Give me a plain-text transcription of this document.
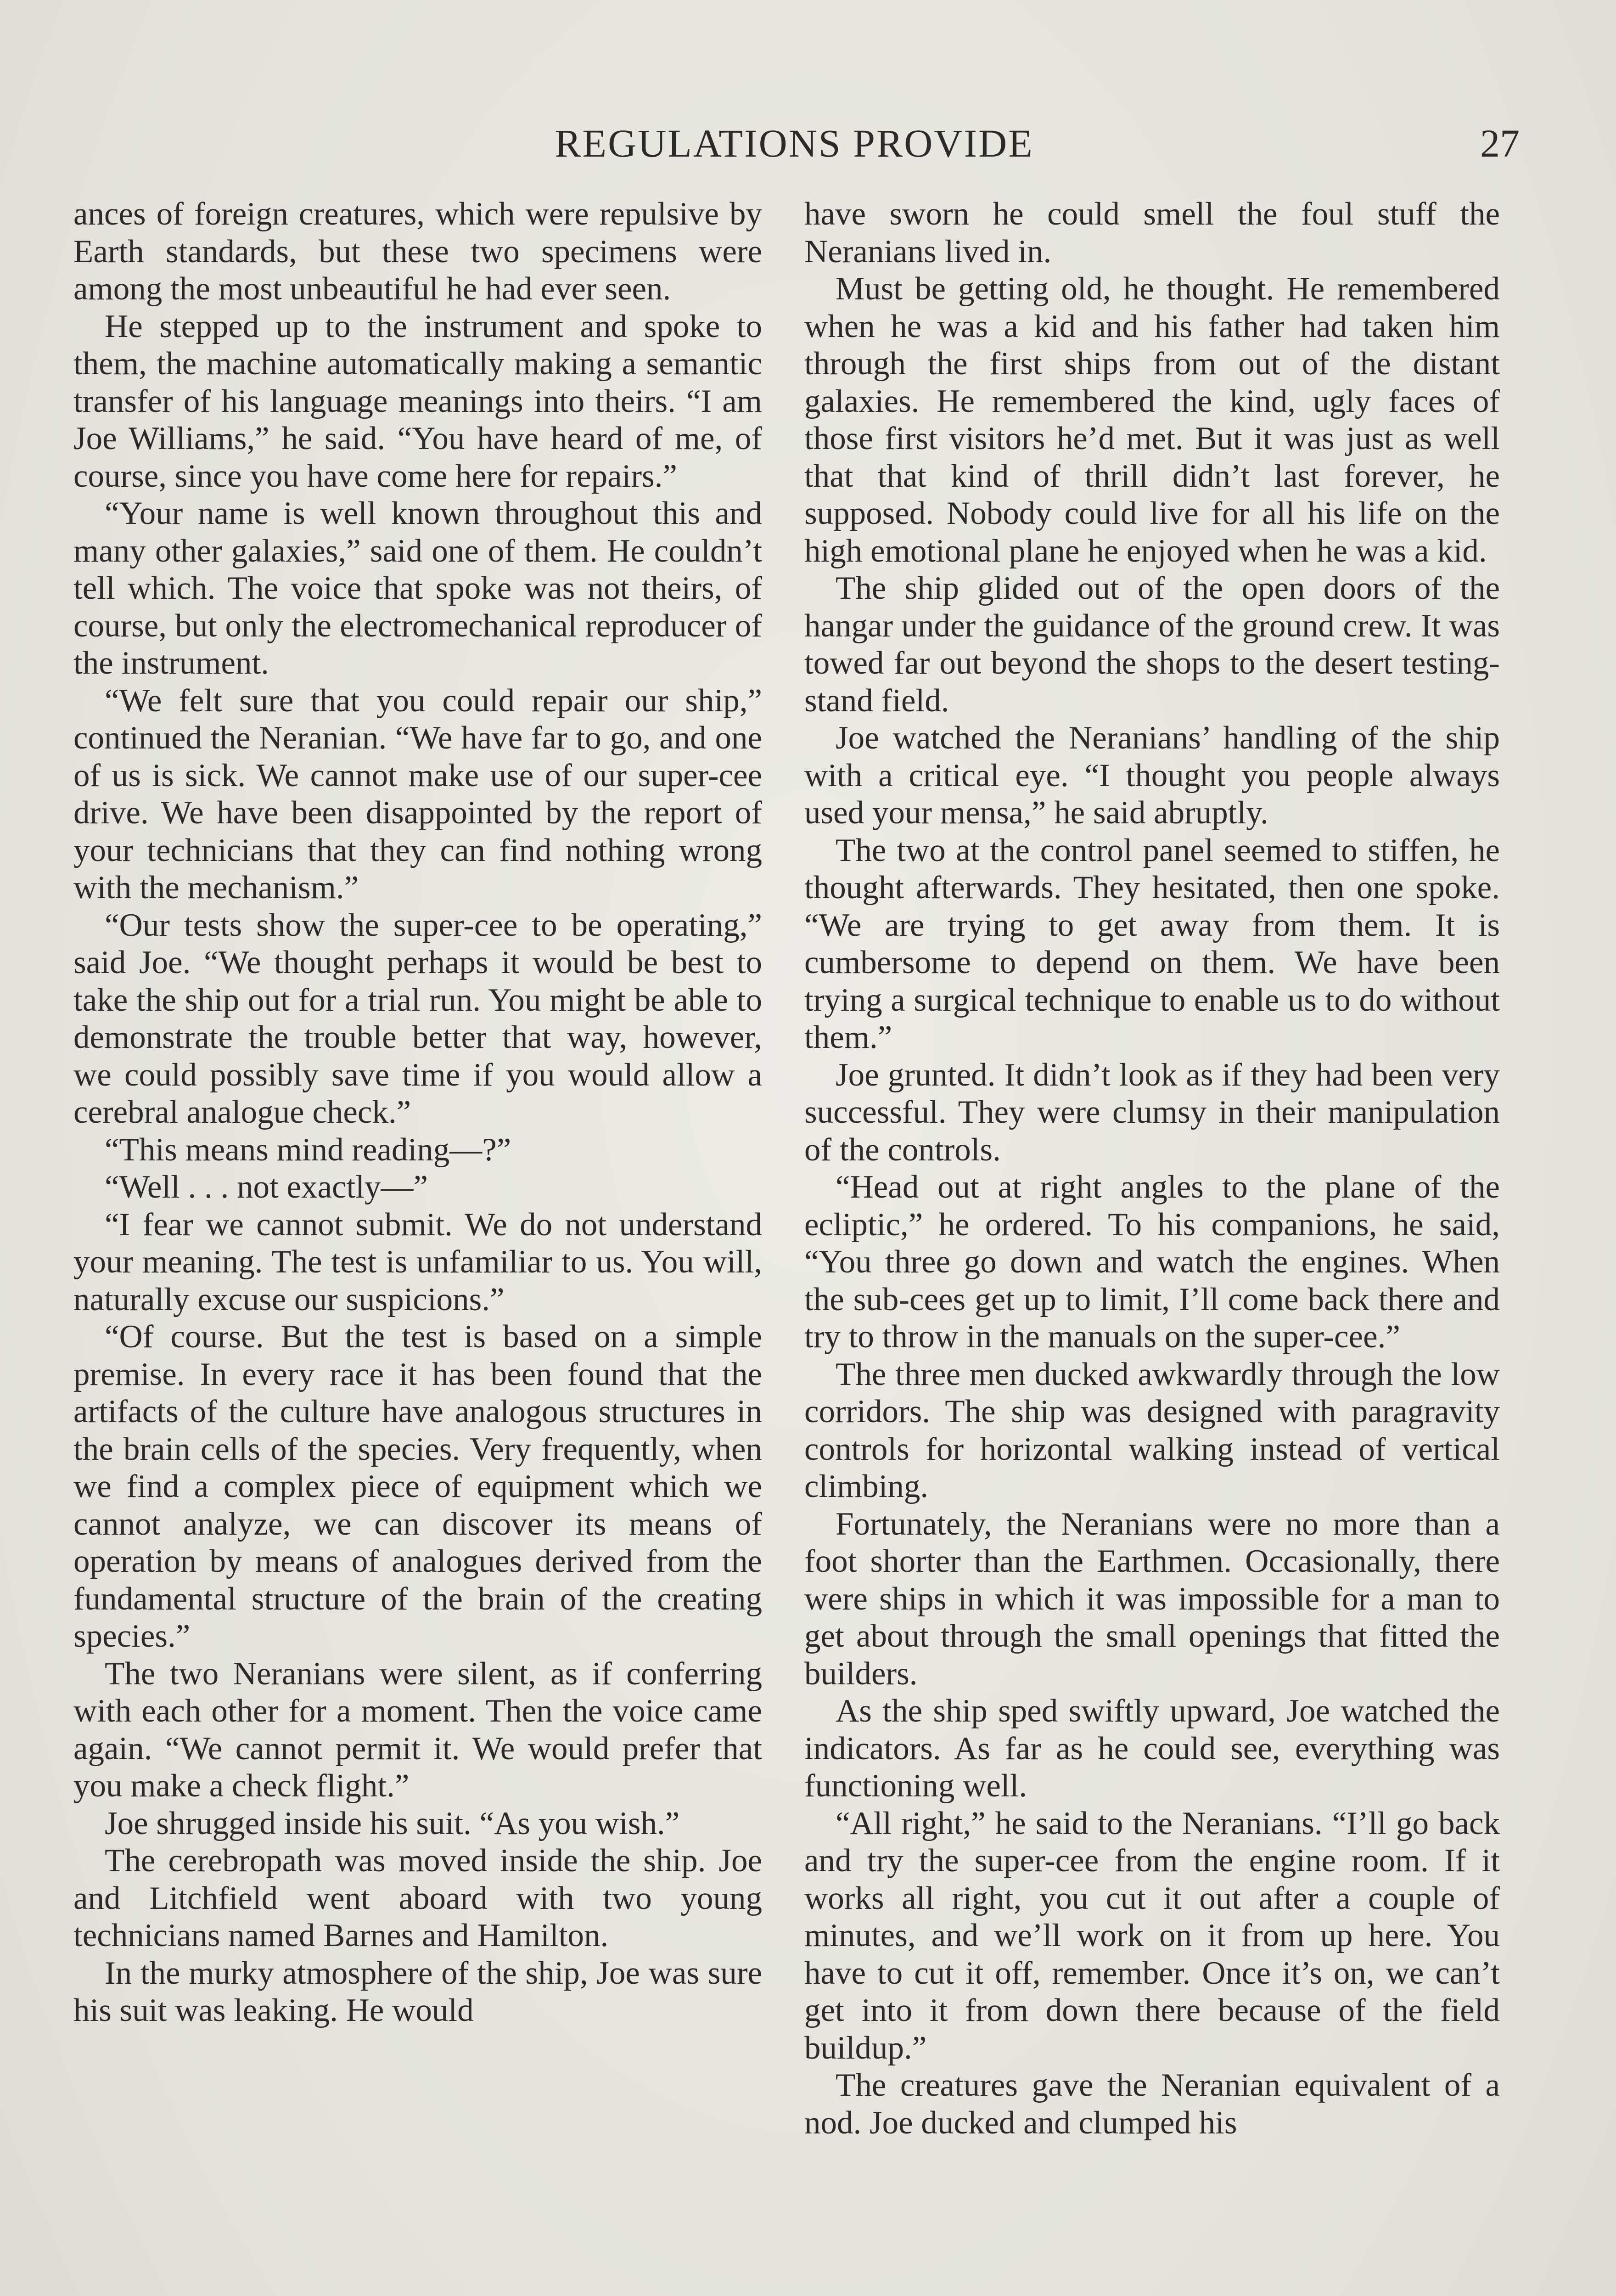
REGULATIONS PROVIDE	27

ances of foreign creatures, which were repulsive by Earth standards, but these two specimens were among the most unbeautiful he had ever seen.

He stepped up to the instrument and spoke to them, the machine automatically making a semantic transfer of his language meanings into theirs. “I am Joe Williams,” he said. “You have heard of me, of course, since you have come here for repairs.”

“Your name is well known throughout this and many other galaxies,” said one of them. He couldn’t tell which. The voice that spoke was not theirs, of course, but only the electromechanical reproducer of the instrument.

“We felt sure that you could repair our ship,” continued the Neranian. “We have far to go, and one of us is sick. We cannot make use of our super-cee drive. We have been disappointed by the report of your technicians that they can find nothing wrong with the mechanism.”

“Our tests show the super-cee to be operating,” said Joe. “We thought perhaps it would be best to take the ship out for a trial run. You might be able to demonstrate the trouble better that way, however, we could possibly save time if you would allow a cerebral analogue check.”

“This means mind reading—?”

“Well . . . not exactly—”

“I fear we cannot submit. We do not understand your meaning. The test is unfamiliar to us. You will, naturally excuse our suspicions.”

“Of course. But the test is based on a simple premise. In every race it has been found that the artifacts of the culture have analogous structures in the brain cells of the species. Very frequently, when we find a complex piece of equipment which we cannot analyze, we can discover its means of operation by means of analogues derived from the fundamental structure of the brain of the creating species.”

The two Neranians were silent, as if conferring with each other for a moment. Then the voice came again. “We cannot permit it. We would prefer that you make a check flight.”

Joe shrugged inside his suit. “As you wish.”

The cerebropath was moved inside the ship. Joe and Litchfield went aboard with two young technicians named Barnes and Hamilton.

In the murky atmosphere of the ship, Joe was sure his suit was leaking. He would

have sworn he could smell the foul stuff the Neranians lived in.

Must be getting old, he thought. He remembered when he was a kid and his father had taken him through the first ships from out of the distant galaxies. He remembered the kind, ugly faces of those first visitors he’d met. But it was just as well that that kind of thrill didn’t last forever, he supposed. Nobody could live for all his life on the high emotional plane he enjoyed when he was a kid.

The ship glided out of the open doors of the hangar under the guidance of the ground crew. It was towed far out beyond the shops to the desert testing-stand field.

Joe watched the Neranians’ handling of the ship with a critical eye. “I thought you people always used your mensa,” he said abruptly.

The two at the control panel seemed to stiffen, he thought afterwards. They hesitated, then one spoke. “We are trying to get away from them. It is cumbersome to depend on them. We have been trying a surgical technique to enable us to do without them.”

Joe grunted. It didn’t look as if they had been very successful. They were clumsy in their manipulation of the controls.

“Head out at right angles to the plane of the ecliptic,” he ordered. To his companions, he said, “You three go down and watch the engines. When the sub-cees get up to limit, I’ll come back there and try to throw in the manuals on the super-cee.”

The three men ducked awkwardly through the low corridors. The ship was designed with paragravity controls for horizontal walking instead of vertical climbing.

Fortunately, the Neranians were no more than a foot shorter than the Earthmen. Occasionally, there were ships in which it was impossible for a man to get about through the small openings that fitted the builders.

As the ship sped swiftly upward, Joe watched the indicators. As far as he could see, everything was functioning well.

“All right,” he said to the Neranians. “I’ll go back and try the super-cee from the engine room. If it works all right, you cut it out after a couple of minutes, and we’ll work on it from up here. You have to cut it off, remember. Once it’s on, we can’t get into it from down there because of the field buildup.”

The creatures gave the Neranian equivalent of a nod. Joe ducked and clumped his
